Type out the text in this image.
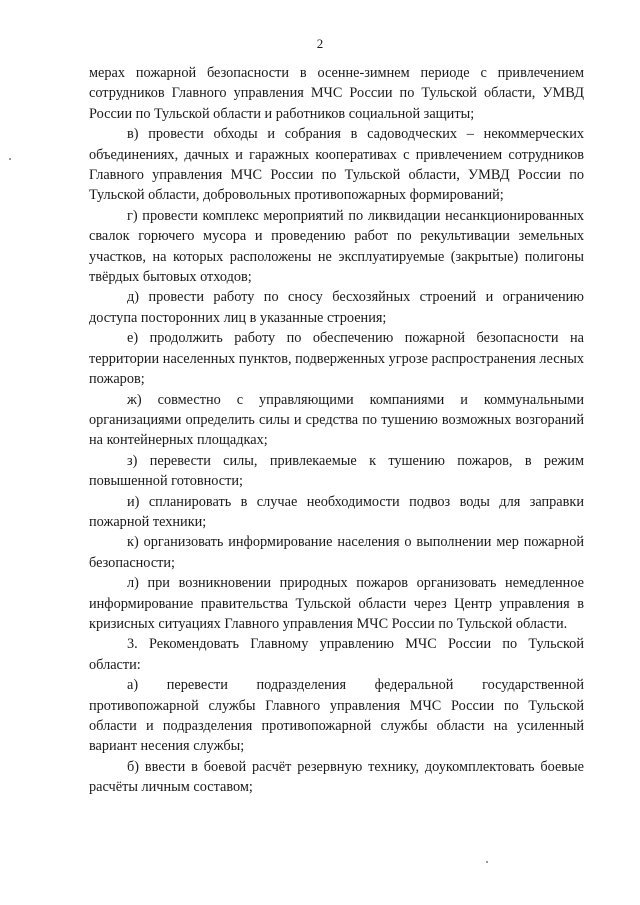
2

мерах пожарной безопасности в осенне-зимнем периоде с привлечением сотрудников Главного управления МЧС России по Тульской области, УМВД России по Тульской области и работников социальной защиты;

в) провести обходы и собрания в садоводческих – некоммерческих объединениях, дачных и гаражных кооперативах с привлечением сотрудников Главного управления МЧС России по Тульской области, УМВД России по Тульской области, добровольных противопожарных формирований;

г) провести комплекс мероприятий по ликвидации несанкционированных свалок горючего мусора и проведению работ по рекультивации земельных участков, на которых расположены не эксплуатируемые (закрытые) полигоны твёрдых бытовых отходов;

д) провести работу по сносу бесхозяйных строений и ограничению доступа посторонних лиц в указанные строения;

е) продолжить работу по обеспечению пожарной безопасности на территории населенных пунктов, подверженных угрозе распространения лесных пожаров;

ж) совместно с управляющими компаниями и коммунальными организациями определить силы и средства по тушению возможных возгораний на контейнерных площадках;

з) перевести силы, привлекаемые к тушению пожаров, в режим повышенной готовности;

и) спланировать в случае необходимости подвоз воды для заправки пожарной техники;

к) организовать информирование населения о выполнении мер пожарной безопасности;

л) при возникновении природных пожаров организовать немедленное информирование правительства Тульской области через Центр управления в кризисных ситуациях Главного управления МЧС России по Тульской области.

3. Рекомендовать Главному управлению МЧС России по Тульской области:

а) перевести подразделения федеральной государственной противопожарной службы Главного управления МЧС России по Тульской области и подразделения противопожарной службы области на усиленный вариант несения службы;

б) ввести в боевой расчёт резервную технику, доукомплектовать боевые расчёты личным составом;
